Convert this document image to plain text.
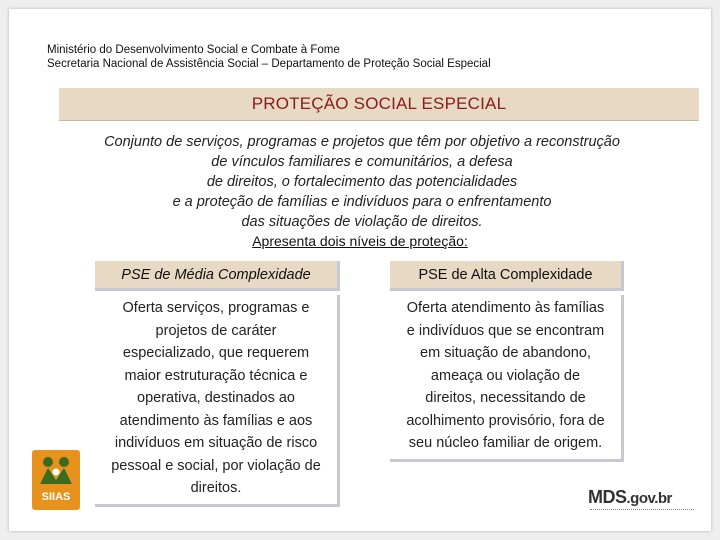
Ministério do Desenvolvimento Social e Combate à Fome
Secretaria Nacional de Assistência Social – Departamento de Proteção Social Especial
PROTEÇÃO SOCIAL ESPECIAL
Conjunto de serviços, programas e projetos que têm por objetivo a reconstrução
de vínculos familiares e comunitários, a defesa
de direitos, o fortalecimento das potencialidades
e a proteção de famílias e indivíduos para o enfrentamento
das situações de violação de direitos.
Apresenta dois níveis de proteção:
PSE de Média Complexidade
Oferta serviços, programas e
projetos de caráter
especializado, que requerem
maior estruturação técnica e
operativa, destinados ao
atendimento às famílias e aos
indivíduos em situação de risco
pessoal e social, por violação de
direitos.
PSE de Alta Complexidade
Oferta atendimento às famílias
e indivíduos que se encontram
em situação de abandono,
ameaça ou violação de
direitos, necessitando de
acolhimento provisório, fora de
seu núcleo familiar de origem.
SIIAS	MDS.gov.br
